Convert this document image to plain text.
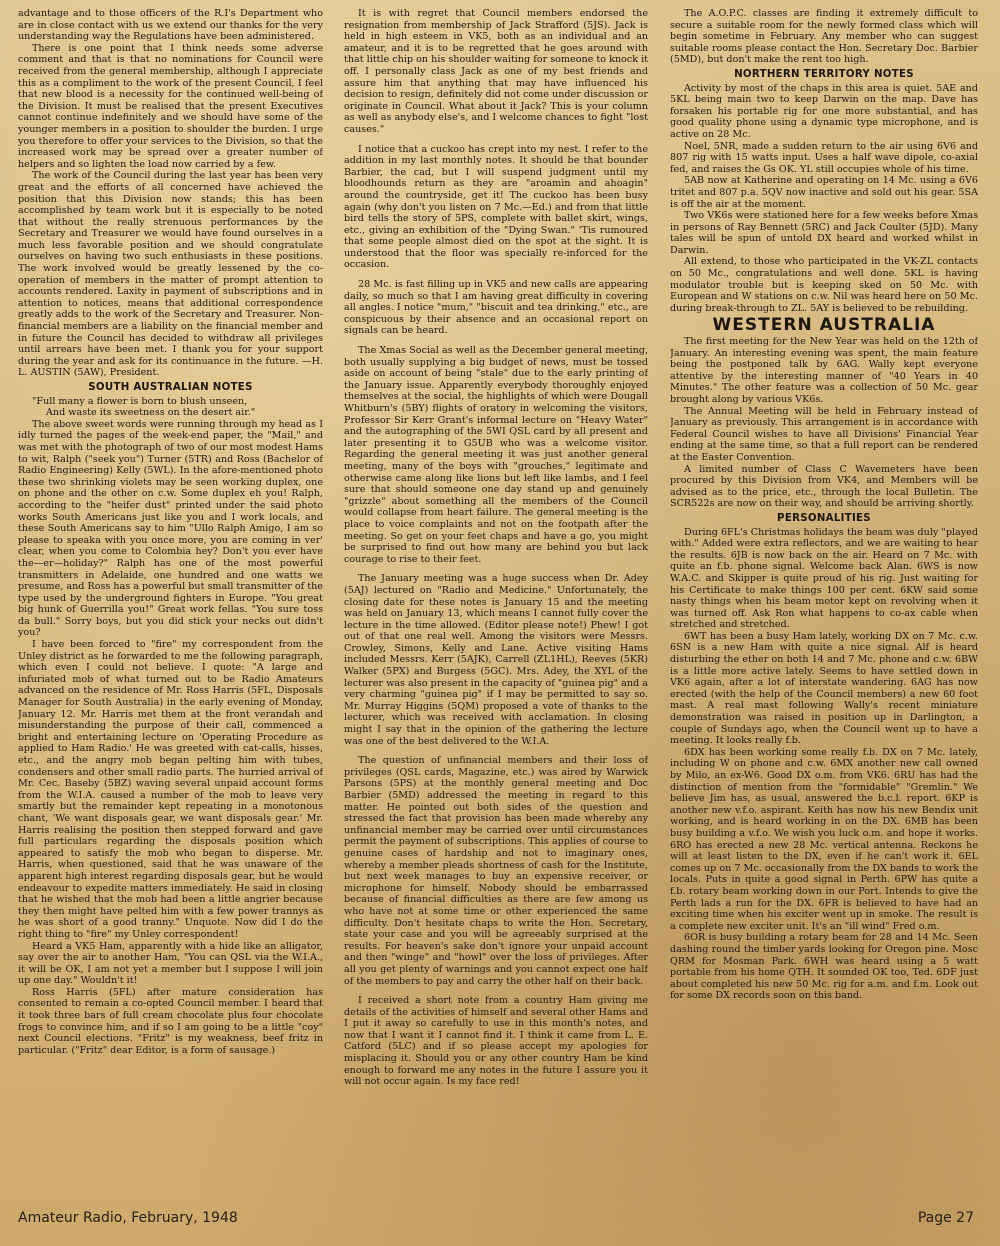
advantage and to those officers of the R.I's Department who are in close contact with us we extend our thanks for the very understanding way the Regulations have been administered.

There is one point that I think needs some adverse comment and that is that no nominations for Council were received from the general membership, although I appreciate this as a compliment to the work of the present Council, I feel that new blood is a necessity for the continued well-being of the Division. It must be realised that the present Executives cannot continue indefinitely and we should have some of the younger members in a position to shoulder the burden. I urge you therefore to offer your services to the Division, so that the increased work may be spread over a greater number of helpers and so lighten the load now carried by a few.

The work of the Council during the last year has been very great and the efforts of all concerned have achieved the position that this Division now stands; this has been accomplished by team work but it is especially to be noted that without the really strenuous performances by the Secretary and Treasurer we would have found ourselves in a much less favorable position and we should congratulate ourselves on having two such enthusiasts in these positions. The work involved would be greatly lessened by the co-operation of members in the matter of prompt attention to accounts rendered. Laxity in payment of subscriptions and in attention to notices, means that additional correspondence greatly adds to the work of the Secretary and Treasurer. Non-financial members are a liability on the financial member and in future the Council has decided to withdraw all privileges until arrears have been met. I thank you for your support during the year and ask for its continuance in the future. —H. L. AUSTIN (5AW), President.

SOUTH AUSTRALIAN NOTES

"Full many a flower is born to blush unseen,

And waste its sweetness on the desert air."

The above sweet words were running through my head as I idly turned the pages of the week-end paper, the "Mail," and was met with the photograph of two of our most modest Hams to wit, Ralph ("seek you") Turner (5TR) and Ross (Bachelor of Radio Engineering) Kelly (5WL). In the afore-mentioned photo these two shrinking violets may be seen working duplex, one on phone and the other on c.w. Some duplex eh you! Ralph, according to the "heifer dust" printed under the said photo works South Americans just like you and I work locals, and these South Americans say to him "Ullo Ralph Amigo, I am so please to speaka with you once more, you are coming in ver' clear, when you come to Colombia hey? Don't you ever have the—er—holiday?" Ralph has one of the most powerful transmitters in Adelaide, one hundred and one watts we presume, and Ross has a powerful but small transmitter of the type used by the underground fighters in Europe. "You great big hunk of Guerrilla you!" Great work fellas. "You sure toss da bull." Sorry boys, but you did stick your necks out didn't you?

I have been forced to "fire" my correspondent from the Unley district as he forwarded to me the following paragraph, which even I could not believe. I quote: "A large and infuriated mob of what turned out to be Radio Amateurs advanced on the residence of Mr. Ross Harris (5FL, Disposals Manager for South Australia) in the early evening of Monday, January 12. Mr. Harris met them at the front verandah and misunderstanding the purpose of their call, commenced a bright and entertaining lecture on 'Operating Procedure as applied to Ham Radio.' He was greeted with cat-calls, hisses, etc., and the angry mob began pelting him with tubes, condensers and other small radio parts. The hurried arrival of Mr. Cec. Baseby (5BZ) waving several unpaid account forms from the W.I.A. caused a number of the mob to leave very smartly but the remainder kept repeating in a monotonous chant, 'We want disposals gear, we want disposals gear.' Mr. Harris realising the position then stepped forward and gave full particulars regarding the disposals position which appeared to satisfy the mob who began to disperse. Mr. Harris, when questioned, said that he was unaware of the apparent high interest regarding disposals gear, but he would endeavour to expedite matters immediately. He said in closing that he wished that the mob had been a little angrier because they then might have pelted him with a few power trannys as he was short of a good tranny." Unquote. Now did I do the right thing to "fire" my Unley correspondent!

Heard a VK5 Ham, apparently with a hide like an alligator, say over the air to another Ham, "You can QSL via the W.I.A., it will be OK, I am not yet a member but I suppose I will join up one day." Wouldn't it!

Ross Harris (5FL) after mature consideration has consented to remain a co-opted Council member. I heard that it took three bars of full cream chocolate plus four chocolate frogs to convince him, and if so I am going to be a little "coy" next Council elections. "Fritz" is my weakness, beef fritz in particular. ("Fritz" dear Editor, is a form of sausage.)

It is with regret that Council members endorsed the resignation from membership of Jack Strafford (5JS). Jack is held in high esteem in VK5, both as an individual and an amateur, and it is to be regretted that he goes around with that little chip on his shoulder waiting for someone to knock it off. I personally class Jack as one of my best friends and assure him that anything that may have influenced his decision to resign, definitely did not come under discussion or originate in Council. What about it Jack? This is your column as well as anybody else's, and I welcome chances to fight "lost causes."

I notice that a cuckoo has crept into my nest. I refer to the addition in my last monthly notes. It should be that bounder Barbier, the cad, but I will suspend judgment until my bloodhounds return as they are "aroamin and ahoagin" around the countryside, get it! The cuckoo has been busy again (why don't you listen on 7 Mc.—Ed.) and from that little bird tells the story of 5PS, complete with ballet skirt, wings, etc., giving an exhibition of the "Dying Swan." 'Tis rumoured that some people almost died on the spot at the sight. It is understood that the floor was specially re-inforced for the occasion.

28 Mc. is fast filling up in VK5 and new calls are appearing daily, so much so that I am having great difficulty in covering all angles. I notice "mum," "biscuit and tea drinking," etc., are conspicuous by their absence and an occasional report on signals can be heard.

The Xmas Social as well as the December general meeting, both usually supplying a big budget of news, must be tossed aside on account of being "stale" due to the early printing of the January issue. Apparently everybody thoroughly enjoyed themselves at the social, the highlights of which were Dougall Whitburn's (5BY) flights of oratory in welcoming the visitors, Professor Sir Kerr Grant's informal lecture on "Heavy Water" and the autographing of the 5WI QSL card by all present and later presenting it to G5UB who was a welcome visitor. Regarding the general meeting it was just another general meeting, many of the boys with "grouches," legitimate and otherwise came along like lions but left like lambs, and I feel sure that should someone one day stand up and genuinely "grizzle" about something all the members of the Council would collapse from heart failure. The general meeting is the place to voice complaints and not on the footpath after the meeting. So get on your feet chaps and have a go, you might be surprised to find out how many are behind you but lack courage to rise to their feet.

The January meeting was a huge success when Dr. Adey (5AJ) lectured on "Radio and Medicine." Unfortunately, the closing date for these notes is January 15 and the meeting was held on January 13, which means I cannot fully cover the lecture in the time allowed. (Editor please note!) Phew! I got out of that one real well. Among the visitors were Messrs. Crowley, Simons, Kelly and Lane. Active visiting Hams included Messrs. Kerr (5AJK), Carrell (ZL1HL), Reeves (5KR) Walker (5PX) and Burgess (5GC). Mrs. Adey, the XYL of the lecturer was also present in the capacity of "guinea pig" and a very charming "guinea pig" if I may be permitted to say so. Mr. Murray Higgins (5QM) proposed a vote of thanks to the lecturer, which was received with acclamation. In closing might I say that in the opinion of the gathering the lecture was one of the best delivered to the W.I.A.

The question of unfinancial members and their loss of privileges (QSL cards, Magazine, etc.) was aired by Warwick Parsons (5PS) at the monthly general meeting and Doc Barbier (5MD) addressed the meeting in regard to this matter. He pointed out both sides of the question and stressed the fact that provision has been made whereby any unfinancial member may be carried over until circumstances permit the payment of subscriptions. This applies of course to genuine cases of hardship and not to imaginary ones, whereby a member pleads shortness of cash for the Institute, but next week manages to buy an expensive receiver, or microphone for himself. Nobody should be embarrassed because of financial difficulties as there are few among us who have not at some time or other experienced the same difficulty. Don't hesitate chaps to write the Hon. Secretary, state your case and you will be agreeably surprised at the results. For heaven's sake don't ignore your unpaid account and then "winge" and "howl" over the loss of privileges. After all you get plenty of warnings and you cannot expect one half of the members to pay and carry the other half on their back.

I received a short note from a country Ham giving me details of the activities of himself and several other Hams and I put it away so carefully to use in this month's notes, and now that I want it I cannot find it. I think it came from L. E. Catford (5LC) and if so please accept my apologies for misplacing it. Should you or any other country Ham be kind enough to forward me any notes in the future I assure you it will not occur again. Is my face red!

The A.O.P.C. classes are finding it extremely difficult to secure a suitable room for the newly formed class which will begin sometime in February. Any member who can suggest suitable rooms please contact the Hon. Secretary Doc. Barbier (5MD), but don't make the rent too high.

NORTHERN TERRITORY NOTES

Activity by most of the chaps in this area is quiet. 5AE and 5KL being main two to keep Darwin on the map. Dave has forsaken his portable rig for one more substantial, and has good quality phone using a dynamic type microphone, and is active on 28 Mc.

Noel, 5NR, made a sudden return to the air using 6V6 and 807 rig with 15 watts input. Uses a half wave dipole, co-axial fed, and raises the Gs OK. YL still occupies whole of his time.

5AB now at Katherine and operating on 14 Mc. using a 6V6 tritet and 807 p.a. 5QV now inactive and sold out his gear. 5SA is off the air at the moment.

Two VK6s were stationed here for a few weeks before Xmas in persons of Ray Bennett (5RC) and Jack Coulter (5JD). Many tales will be spun of untold DX heard and worked whilst in Darwin.

All extend, to those who participated in the VK-ZL contacts on 50 Mc., congratulations and well done. 5KL is having modulator trouble but is keeping sked on 50 Mc. with European and W stations on c.w. Nil was heard here on 50 Mc. during break-through to ZL. 5AY is believed to be rebuilding.

WESTERN AUSTRALIA

The first meeting for the New Year was held on the 12th of January. An interesting evening was spent, the main feature being the postponed talk by 6AG. Wally kept everyone attentive by the interesting manner of "40 Years in 40 Minutes." The other feature was a collection of 50 Mc. gear brought along by various VK6s.

The Annual Meeting will be held in February instead of January as previously. This arrangement is in accordance with Federal Council wishes to have all Divisions' Financial Year ending at the same time, so that a full report can be rendered at the Easter Convention.

A limited number of Class C Wavemeters have been procured by this Division from VK4, and Members will be advised as to the price, etc., through the local Bulletin. The SCR522s are now on their way, and should be arriving shortly.

PERSONALITIES

During 6FL's Christmas holidays the beam was duly "played with." Added were extra reflectors, and we are waiting to hear the results. 6JB is now back on the air. Heard on 7 Mc. with quite an f.b. phone signal. Welcome back Alan. 6WS is now W.A.C. and Skipper is quite proud of his rig. Just waiting for his Certificate to make things 100 per cent. 6KW said some nasty things when his beam motor kept on revolving when it was turned off. Ask Ron what happens to co-ax cable when stretched and stretched.

6WT has been a busy Ham lately, working DX on 7 Mc. c.w. 6SN is a new Ham with quite a nice signal. Alf is heard disturbing the ether on both 14 and 7 Mc. phone and c.w. 6BW is a little more active lately. Seems to have settled down in VK6 again, after a lot of interstate wandering. 6AG has now erected (with the help of the Council members) a new 60 foot mast. A real mast following Wally's recent miniature demonstration was raised in position up in Darlington, a couple of Sundays ago, when the Council went up to have a meeting. It looks really f.b.

6DX has been working some really f.b. DX on 7 Mc. lately, including W on phone and c.w. 6MX another new call owned by Milo, an ex-W6. Good DX o.m. from VK6. 6RU has had the distinction of mention from the "formidable" "Gremlin." We believe Jim has, as usual, answered the b.c.l. report. 6KP is another new v.f.o. aspirant. Keith has now his new Bendix unit working, and is heard working in on the DX. 6MB has been busy building a v.f.o. We wish you luck o.m. and hope it works. 6RO has erected a new 28 Mc. vertical antenna. Reckons he will at least listen to the DX, even if he can't work it. 6EL comes up on 7 Mc. occasionally from the DX bands to work the locals. Puts in quite a good signal in Perth. 6PW has quite a f.b. rotary beam working down in our Port. Intends to give the Perth lads a run for the DX. 6FR is believed to have had an exciting time when his exciter went up in smoke. The result is a complete new exciter unit. It's an "ill wind" Fred o.m.

6OR is busy building a rotary beam for 28 and 14 Mc. Seen dashing round the timber yards looking for Oregon pine. Mosc QRM for Mosman Park. 6WH was heard using a 5 watt portable from his home QTH. It sounded OK too, Ted. 6DF just about completed his new 50 Mc. rig for a.m. and f.m. Look out for some DX records soon on this band.

Amateur Radio, February, 1948	Page 27
